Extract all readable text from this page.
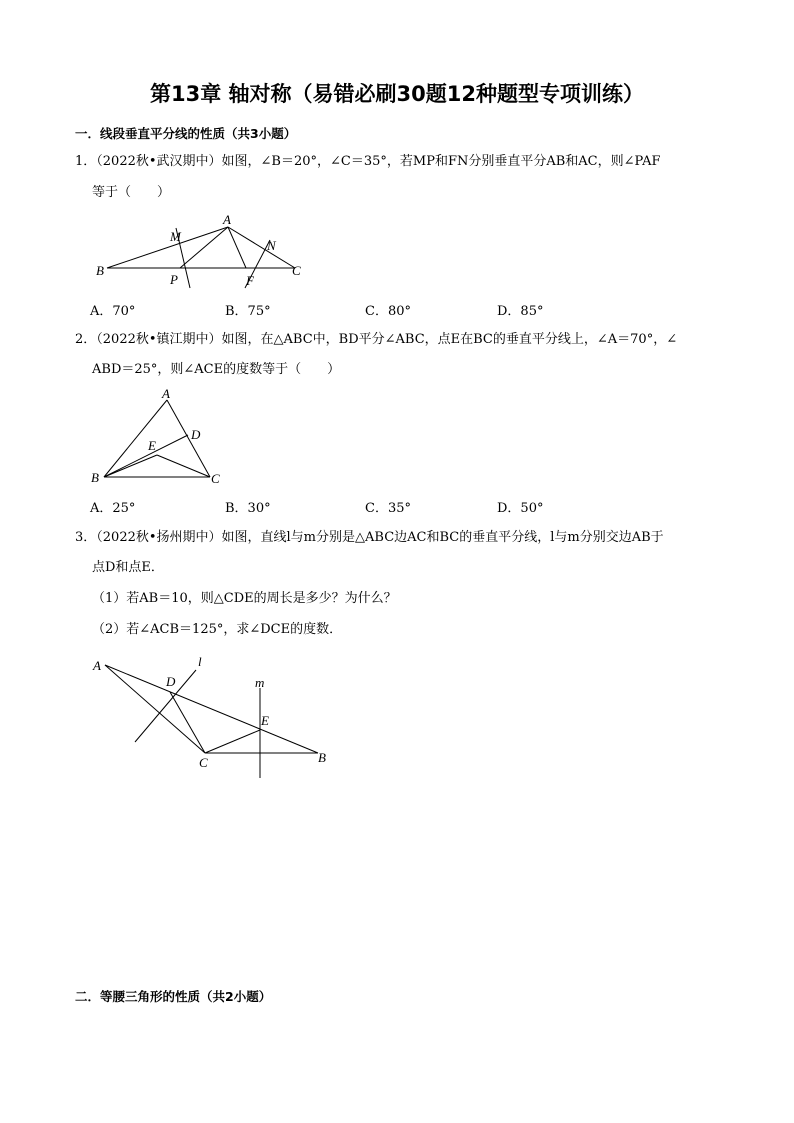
第13章 轴对称（易错必刷30题12种题型专项训练）
一．线段垂直平分线的性质（共3小题）
1．（2022秋•武汉期中）如图，∠B＝20°，∠C＝35°，若MP和FN分别垂直平分AB和AC，则∠PAF
等于（　　）
B
A
C
M
N
P	F
A．70°	B．75°	C．80°	D．85°
2．（2022秋•镇江期中）如图，在△ABC中，BD平分∠ABC，点E在BC的垂直平分线上，∠A＝70°，∠
ABD＝25°，则∠ACE的度数等于（　　）
A
B	C
D
E
A．25°	B．30°	C．35°	D．50°
3．（2022秋•扬州期中）如图，直线l与m分别是△ABC边AC和BC的垂直平分线，l与m分别交边AB于
点D和点E．
（1）若AB＝10，则△CDE的周长是多少？为什么？
（2）若∠ACB＝125°，求∠DCE的度数．
A
D
l
m
E
C	B
二．等腰三角形的性质（共2小题）
